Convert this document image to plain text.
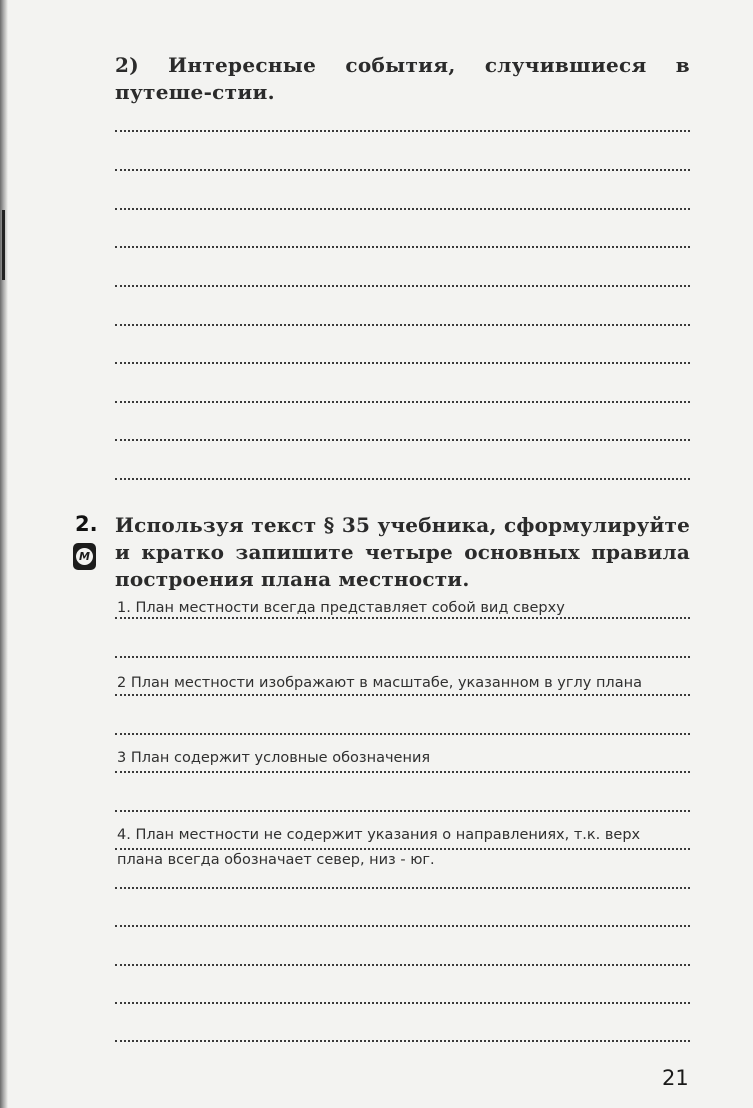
2) Интересные события, случившиеся в путеше-стии.
2.
М

Используя текст § 35 учебника, сформулируйте и кратко запишите четыре основных правила построения плана местности.

1. План местности всегда представляет собой вид сверху
2 План местности изображают в масштабе, указанном в углу плана
3 План содержит условные обозначения
4. План местности не содержит указания о направлениях, т.к. верх плана всегда обозначает север, низ - юг.
21
